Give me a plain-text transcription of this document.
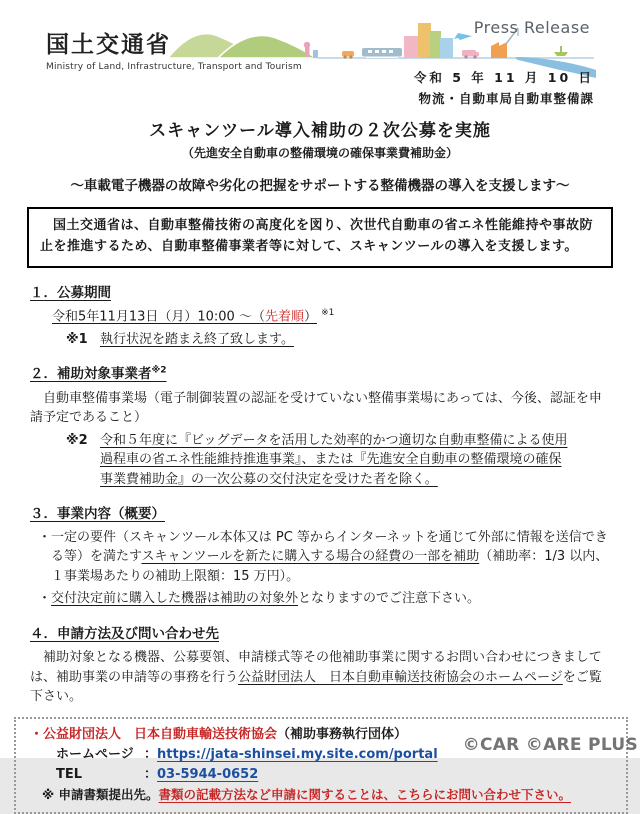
国土交通省
Ministry of Land, Infrastructure, Transport and Tourism
Press Release
令和 5 年 11 月 10 日
物流・自動車局自動車整備課
スキャンツール導入補助の２次公募を実施
（先進安全自動車の整備環境の確保事業費補助金）
～車載電子機器の故障や劣化の把握をサポートする整備機器の導入を支援します～
国土交通省は、自動車整備技術の高度化を図り、次世代自動車の省エネ性能維持や事故防止を推進するため、自動車整備事業者等に対して、スキャンツールの導入を支援します。
１．公募期間
令和5年11月13日（月）10:00 ～（先着順） $^{※1}$
※1 執行状況を踏まえ終了致します。
２．補助対象事業者$^{※2}$
自動車整備事業場（電子制御装置の認証を受けていない整備事業場にあっては、今後、認証を申請予定であること）
※2 令和５年度に『ビッグデータを活用した効率的かつ適切な自動車整備による使用過程車の省エネ性能維持推進事業』、または『先進安全自動車の整備環境の確保事業費補助金』の一次公募の交付決定を受けた者を除く。
３．事業内容（概要）
・一定の要件（スキャンツール本体又は PC 等からインターネットを通じて外部に情報を送信できる等）を満たすスキャンツールを新たに購入する場合の経費の一部を補助（補助率：1/3 以内、１事業場あたりの補助上限額：15 万円）。
・交付決定前に購入した機器は補助の対象外となりますのでご注意下さい。
４．申請方法及び問い合わせ先
補助対象となる機器、公募要領、申請様式等その他補助事業に関するお問い合わせにつきましては、補助事業の申請等の事務を行う公益財団法人　日本自動車輸送技術協会のホームページをご覧下さい。
・公益財団法人　日本自動車輸送技術協会（補助事務執行団体）
ホームページ ：https://jata-shinsei.my.site.com/portal
TEL	：03-5944-0652
※ 申請書類提出先。書類の記載方法など申請に関することは、こちらにお問い合わせ下さい。
©CAR ©ARE PLUS
